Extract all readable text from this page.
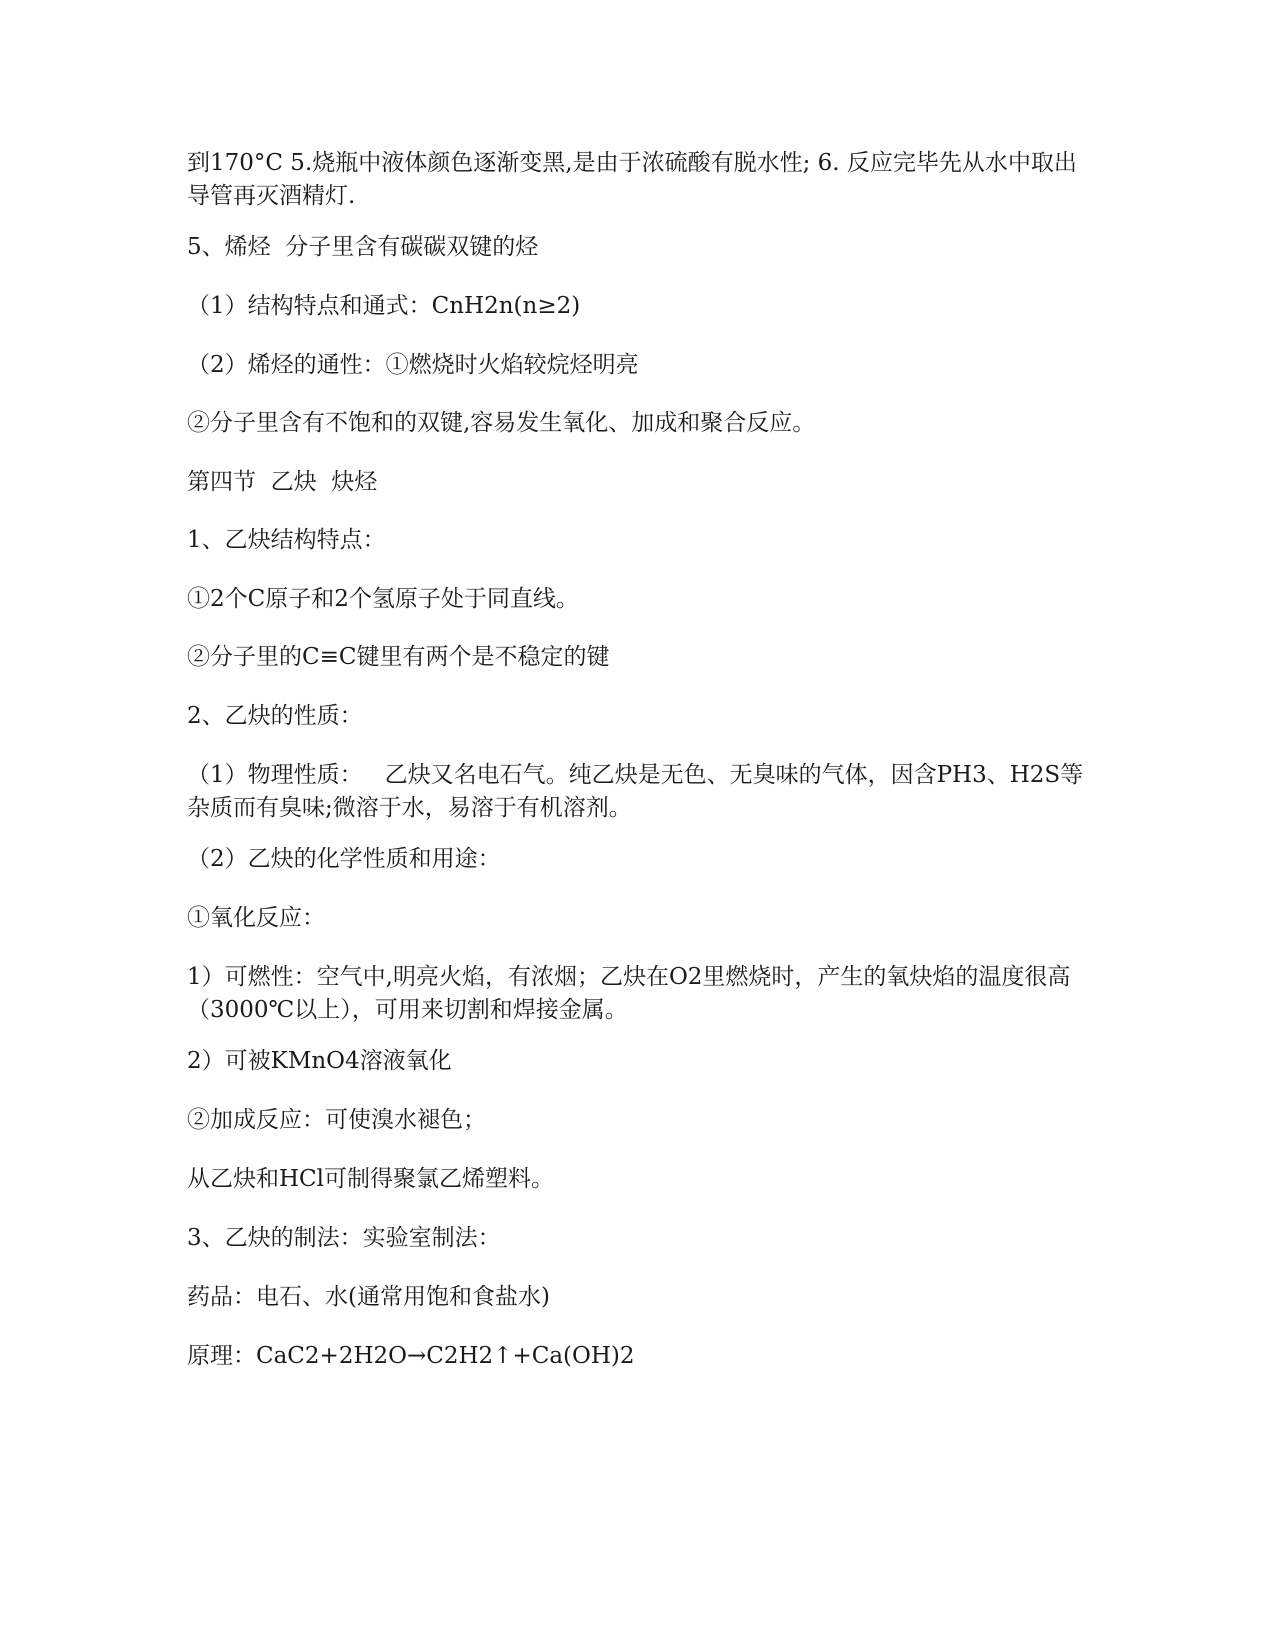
到170°C 5.烧瓶中液体颜色逐渐变黑,是由于浓硫酸有脱水性; 6. 反应完毕先从水中取出导管再灭酒精灯.

5、烯烃  分子里含有碳碳双键的烃

（1）结构特点和通式：CnH2n(n≥2)

（2）烯烃的通性：①燃烧时火焰较烷烃明亮

②分子里含有不饱和的双键,容易发生氧化、加成和聚合反应。

第四节  乙炔  炔烃

1、乙炔结构特点：

①2个C原子和2个氢原子处于同直线。

②分子里的C≡C键里有两个是不稳定的键

2、乙炔的性质：

（1）物理性质：   乙炔又名电石气。纯乙炔是无色、无臭味的气体，因含PH3、H2S等杂质而有臭味;微溶于水，易溶于有机溶剂。

（2）乙炔的化学性质和用途：

①氧化反应：

1）可燃性：空气中,明亮火焰，有浓烟；乙炔在O2里燃烧时，产生的氧炔焰的温度很高（3000℃以上），可用来切割和焊接金属。

2）可被KMnO4溶液氧化

②加成反应：可使溴水褪色；

从乙炔和HCl可制得聚氯乙烯塑料。

3、乙炔的制法：实验室制法：

药品：电石、水(通常用饱和食盐水)

原理：CaC2+2H2O→C2H2↑+Ca(OH)2
